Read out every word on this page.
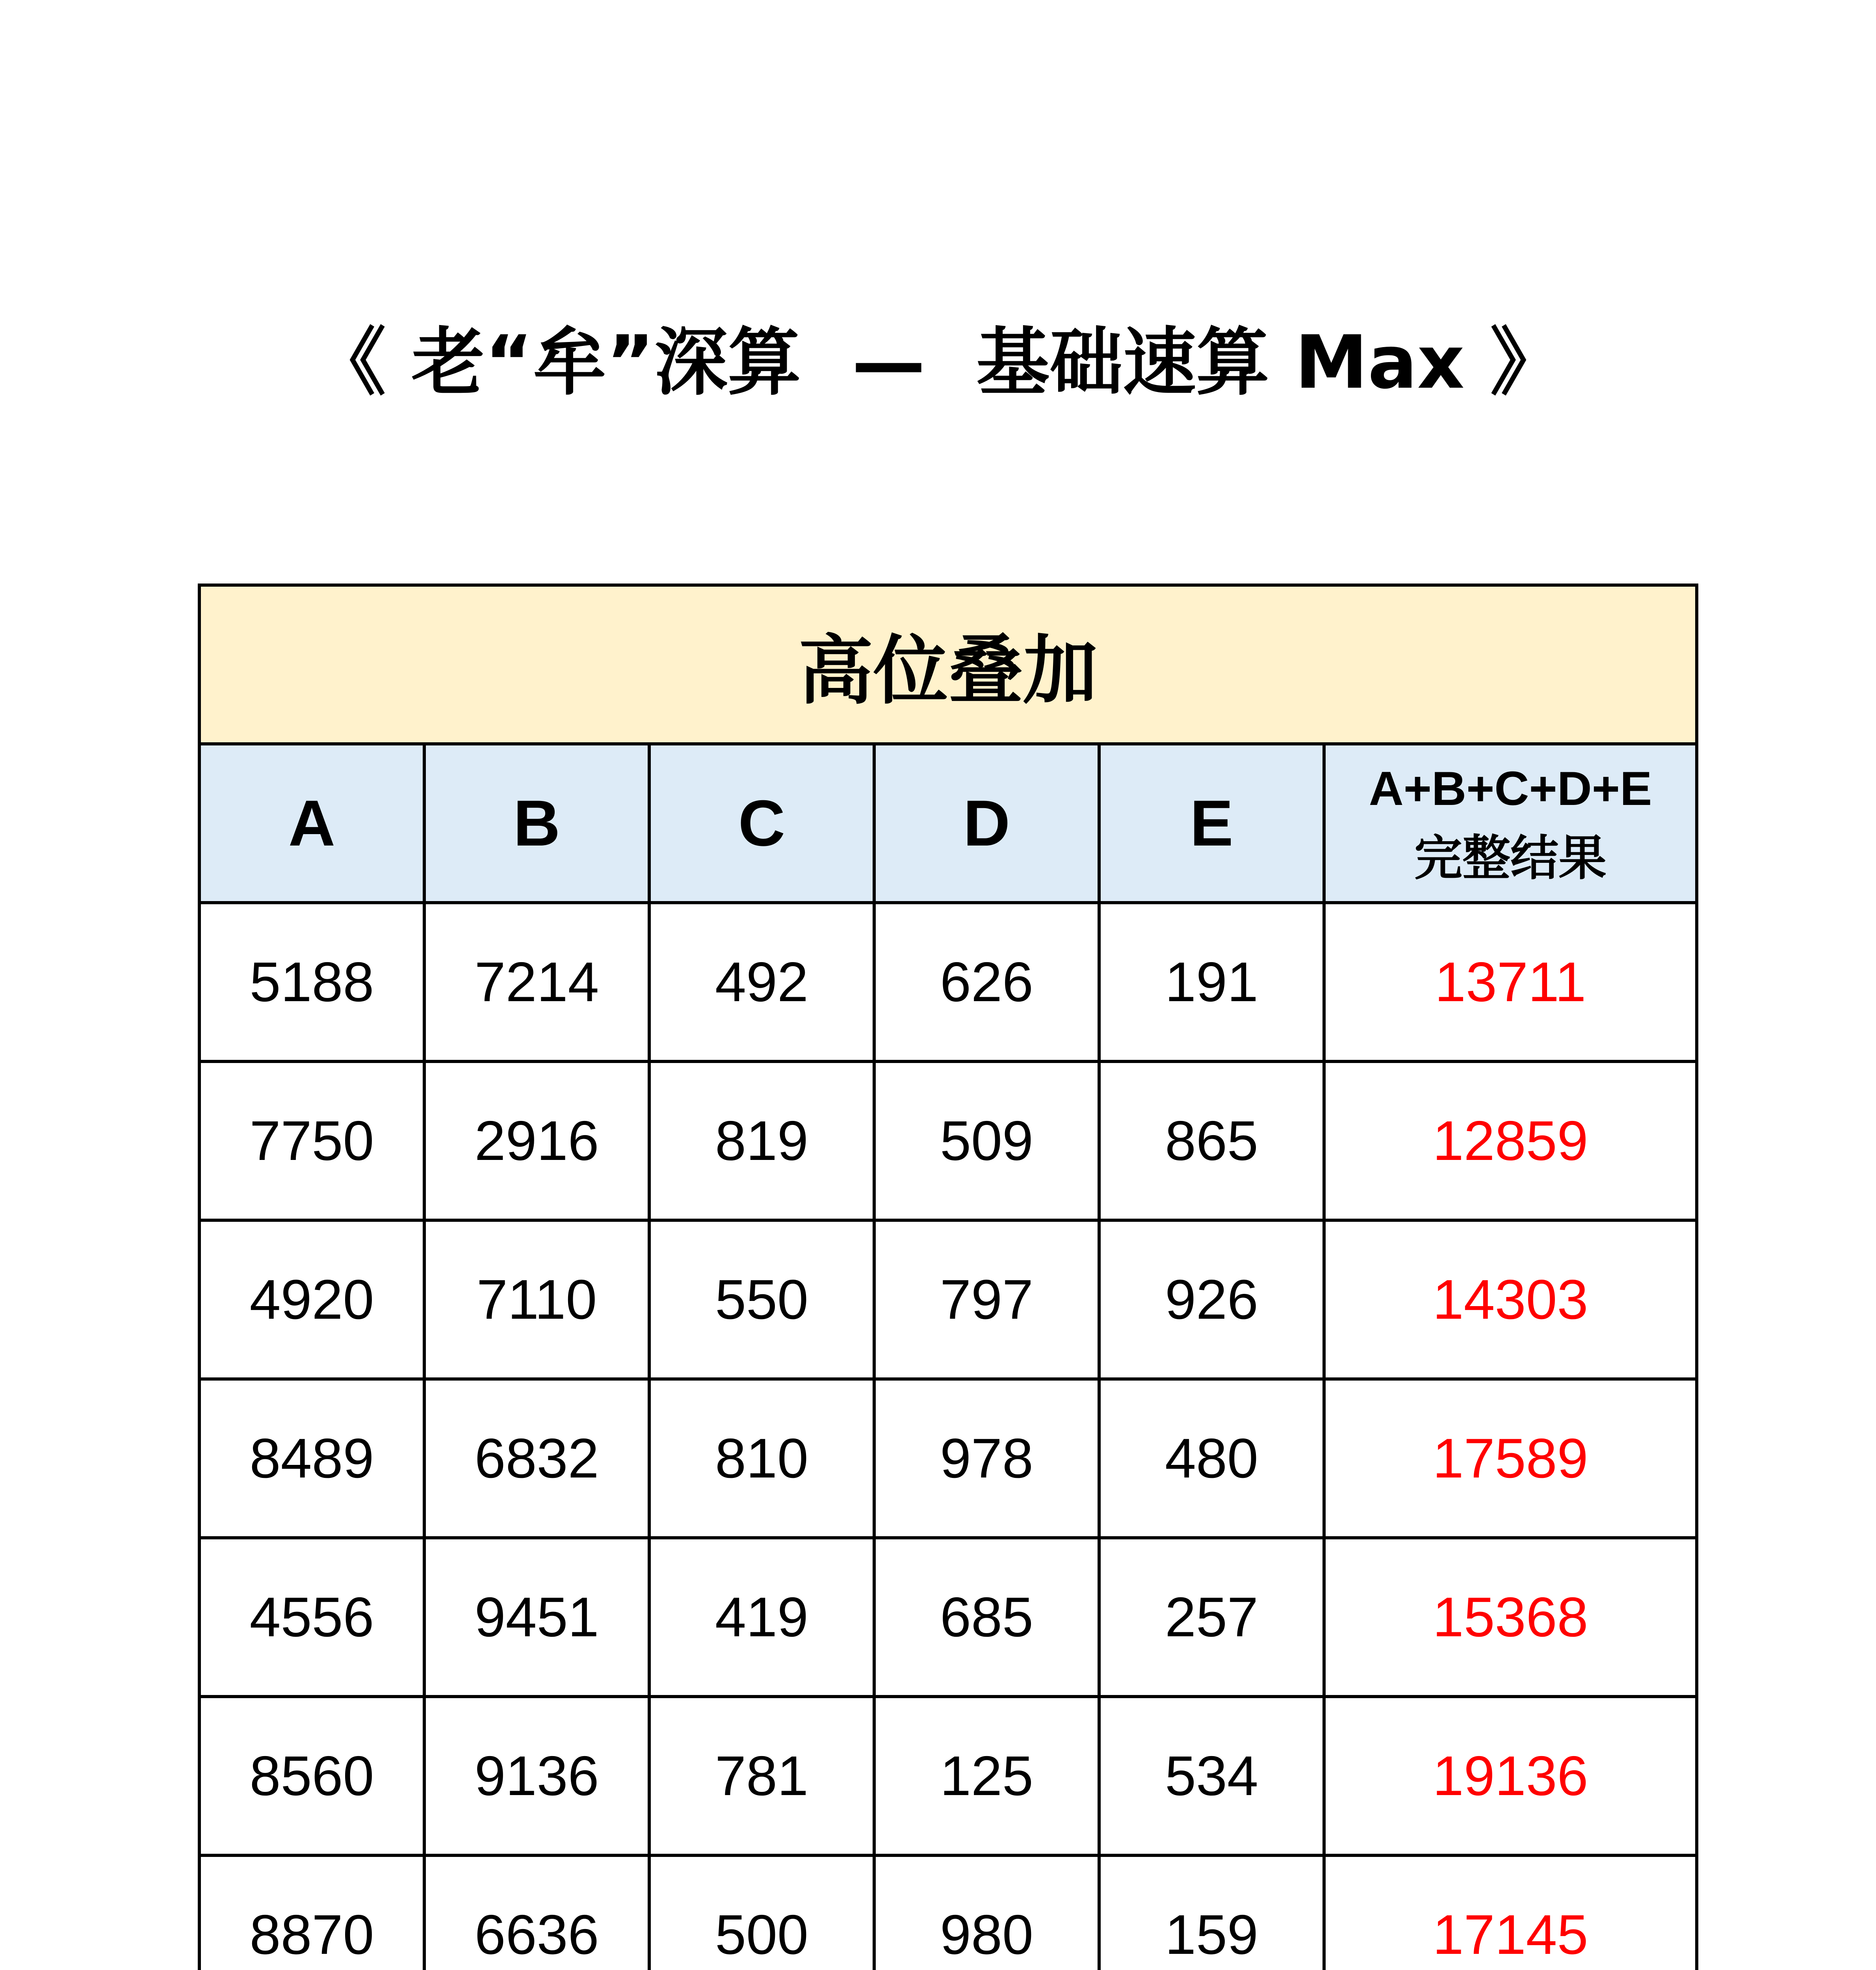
《 老“牟”深算  —  基础速算 Max 》
高位叠加					
A	B	C	D	E	A+B+C+D+E
完整结果

5188	7214	492	626	191	13711
7750	2916	819	509	865	12859
4920	7110	550	797	926	14303
8489	6832	810	978	480	17589
4556	9451	419	685	257	15368
8560	9136	781	125	534	19136
8870	6636	500	980	159	17145
